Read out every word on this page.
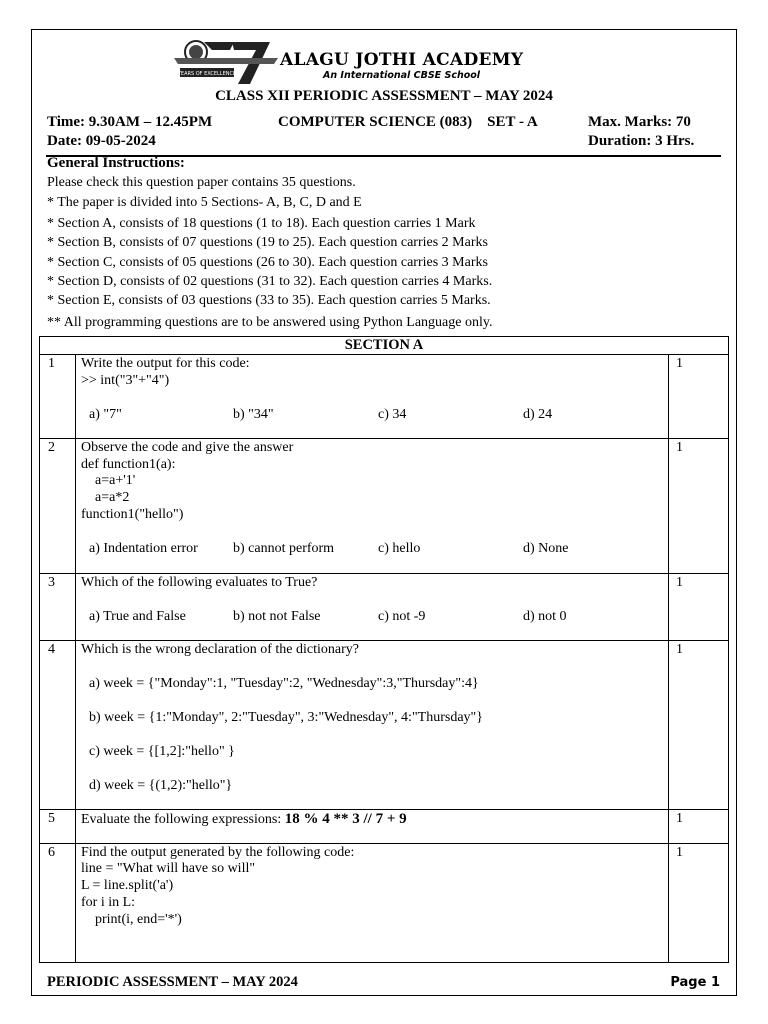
YEARS OF EXCELLENCE
17	ALAGU JOTHI ACADEMY
An International CBSE School
CLASS XII PERIODIC ASSESSMENT – MAY 2024
Time: 9.30AM – 12.45PM	COMPUTER SCIENCE (083)    SET - A	Max. Marks: 70
Date: 09-05-2024	Duration: 3 Hrs.
General Instructions:
Please check this question paper contains 35 questions.
* The paper is divided into 5 Sections- A, B, C, D and E
* Section A, consists of 18 questions (1 to 18). Each question carries 1 Mark
* Section B, consists of 07 questions (19 to 25). Each question carries 2 Marks
* Section C, consists of 05 questions (26 to 30). Each question carries 3 Marks
* Section D, consists of 02 questions (31 to 32). Each question carries 4 Marks.
* Section E, consists of 03 questions (33 to 35). Each question carries 5 Marks.
** All programming questions are to be answered using Python Language only.
SECTION A
1 Write the output for this code:
>> int("3"+"4")
a) "7"	b) "34"	c) 34	d) 24
1
2 Observe the code and give the answer
def function1(a):
a=a+'1'
a=a*2
function1("hello")
a) Indentation error	b) cannot perform	c) hello	d) None
1
3 Which of the following evaluates to True?
a) True and False	b) not not False	c) not -9	d) not 0
1
4 Which is the wrong declaration of the dictionary?
a) week = {"Monday":1, "Tuesday":2, "Wednesday":3,"Thursday":4}
b) week = {1:"Monday", 2:"Tuesday", 3:"Wednesday", 4:"Thursday"}
c) week = {[1,2]:"hello" }
d) week = {(1,2):"hello"}
1
5 Evaluate the following expressions: 18 % 4 ** 3 // 7 + 9	1
6 Find the output generated by the following code:
line = "What will have so will"
L = line.split('a')
for i in L:
print(i, end='*')
1
PERIODIC ASSESSMENT – MAY 2024	Page 1
